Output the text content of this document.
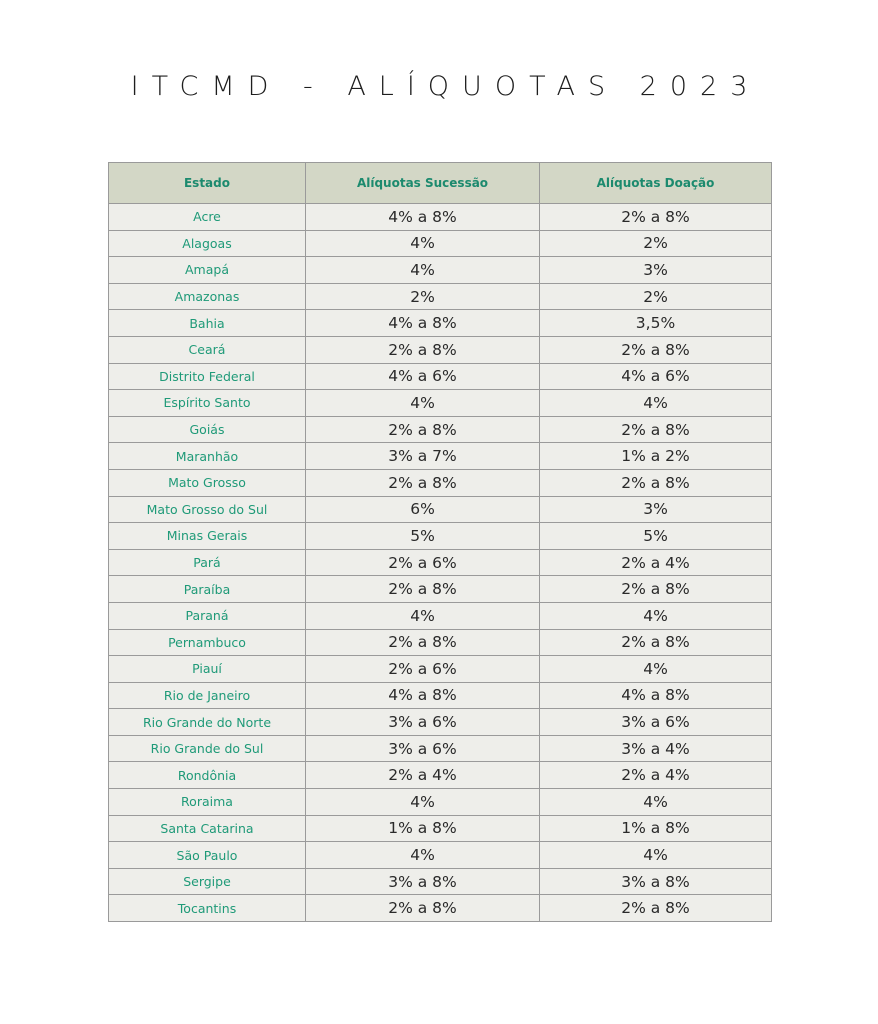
ITCMD - ALÍQUOTAS 2023
Estado	Alíquotas Sucessão	Alíquotas Doação
Acre	4% a 8%	2% a 8%
Alagoas	4%	2%
Amapá	4%	3%
Amazonas	2%	2%
Bahia	4% a 8%	3,5%
Ceará	2% a 8%	2% a 8%
Distrito Federal	4% a 6%	4% a 6%
Espírito Santo	4%	4%
Goiás	2% a 8%	2% a 8%
Maranhão	3% a 7%	1% a 2%
Mato Grosso	2% a 8%	2% a 8%
Mato Grosso do Sul	6%	3%
Minas Gerais	5%	5%
Pará	2% a 6%	2% a 4%
Paraíba	2% a 8%	2% a 8%
Paraná	4%	4%
Pernambuco	2% a 8%	2% a 8%
Piauí	2% a 6%	4%
Rio de Janeiro	4% a 8%	4% a 8%
Rio Grande do Norte	3% a 6%	3% a 6%
Rio Grande do Sul	3% a 6%	3% a 4%
Rondônia	2% a 4%	2% a 4%
Roraima	4%	4%
Santa Catarina	1% a 8%	1% a 8%
São Paulo	4%	4%
Sergipe	3% a 8%	3% a 8%
Tocantins	2% a 8%	2% a 8%
